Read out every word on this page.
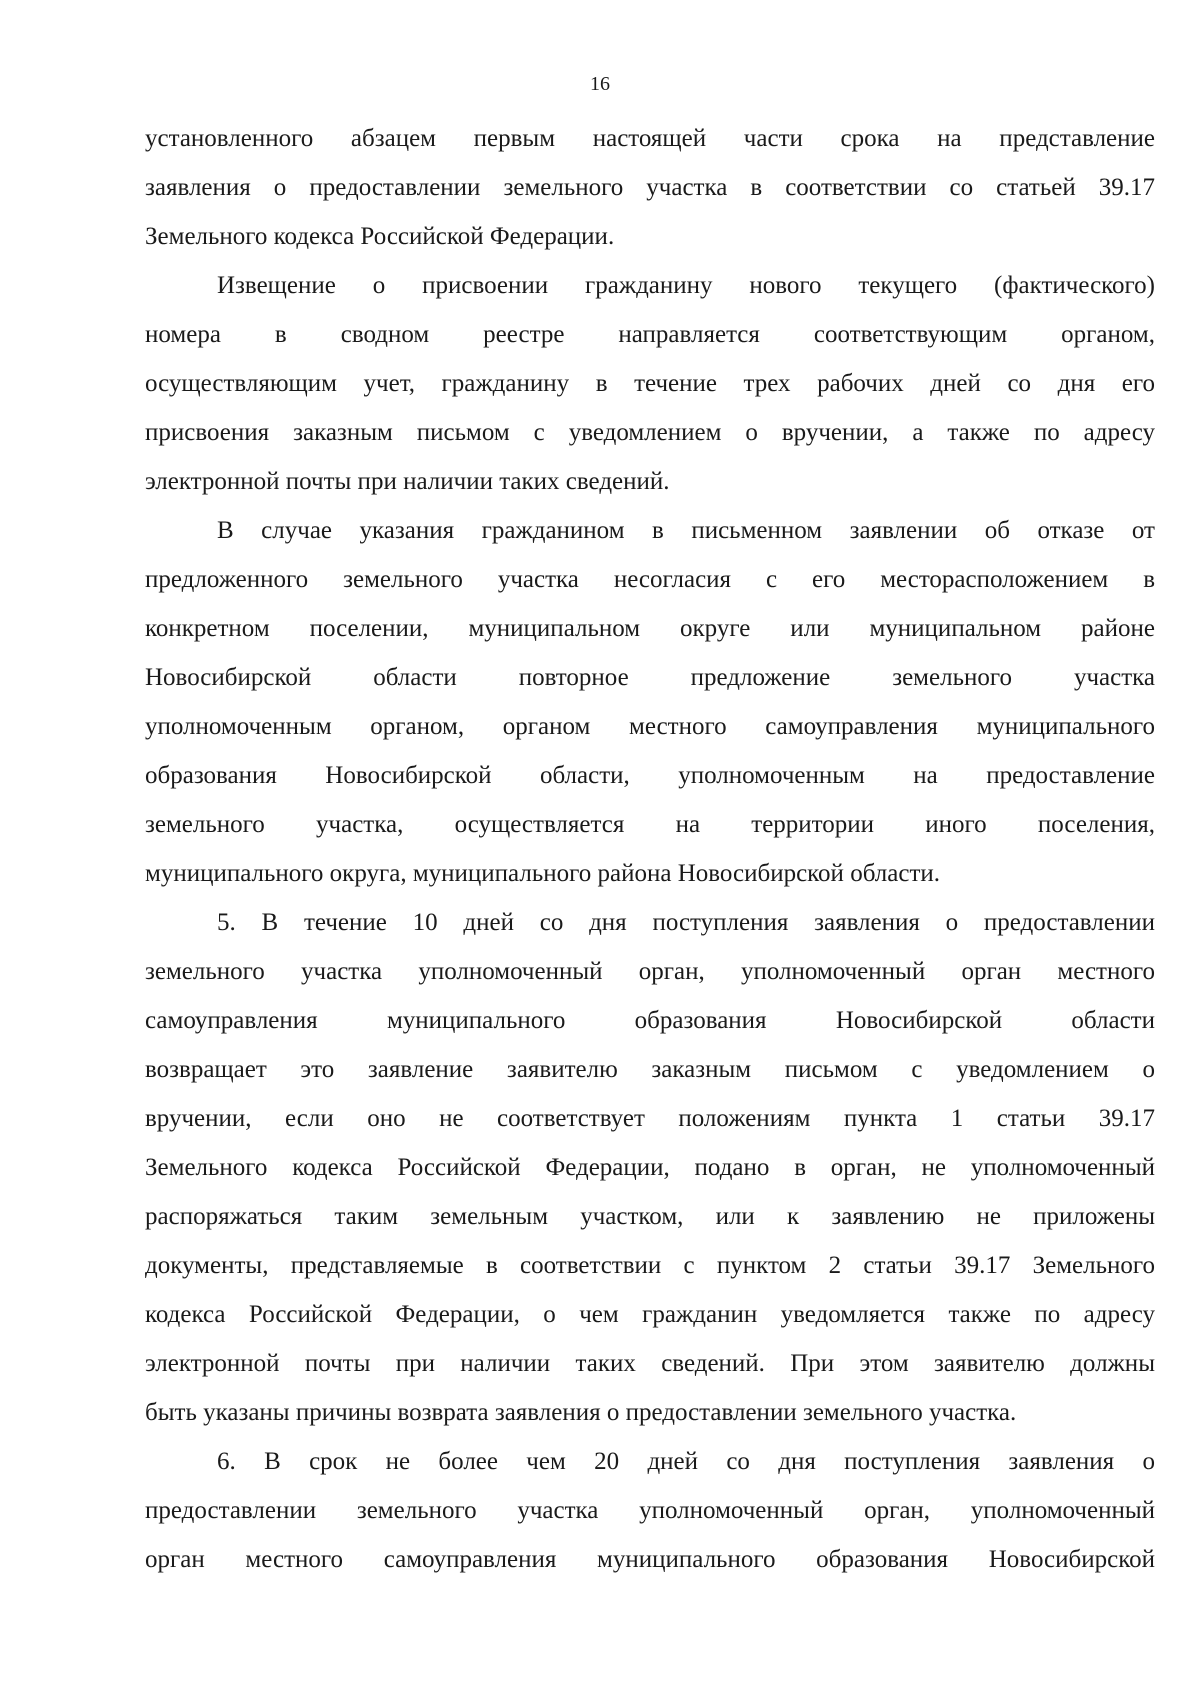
16
установленного абзацем первым настоящей части срока на представление
заявления о предоставлении земельного участка в соответствии со статьей 39.17
Земельного кодекса Российской Федерации.
Извещение о присвоении гражданину нового текущего (фактического)
номера в сводном реестре направляется соответствующим органом,
осуществляющим учет, гражданину в течение трех рабочих дней со дня его
присвоения заказным письмом с уведомлением о вручении, а также по адресу
электронной почты при наличии таких сведений.
В случае указания гражданином в письменном заявлении об отказе от
предложенного земельного участка несогласия с его месторасположением в
конкретном поселении, муниципальном округе или муниципальном районе
Новосибирской области повторное предложение земельного участка
уполномоченным органом, органом местного самоуправления муниципального
образования Новосибирской области, уполномоченным на предоставление
земельного участка, осуществляется на территории иного поселения,
муниципального округа, муниципального района Новосибирской области.
5. В течение 10 дней со дня поступления заявления о предоставлении
земельного участка уполномоченный орган, уполномоченный орган местного
самоуправления муниципального образования Новосибирской области
возвращает это заявление заявителю заказным письмом с уведомлением о
вручении, если оно не соответствует положениям пункта 1 статьи 39.17
Земельного кодекса Российской Федерации, подано в орган, не уполномоченный
распоряжаться таким земельным участком, или к заявлению не приложены
документы, представляемые в соответствии с пунктом 2 статьи 39.17 Земельного
кодекса Российской Федерации, о чем гражданин уведомляется также по адресу
электронной почты при наличии таких сведений. При этом заявителю должны
быть указаны причины возврата заявления о предоставлении земельного участка.
6. В срок не более чем 20 дней со дня поступления заявления о
предоставлении земельного участка уполномоченный орган, уполномоченный
орган местного самоуправления муниципального образования Новосибирской
